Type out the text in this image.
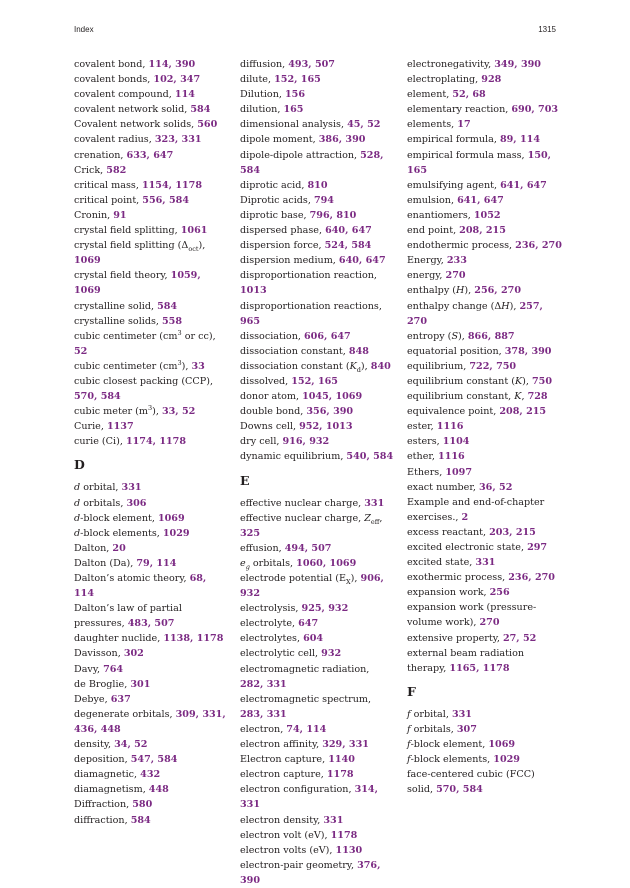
Index	1315
covalent bond, 114, 390
covalent bonds, 102, 347
covalent compound, 114
covalent network solid, 584
Covalent network solids, 560
covalent radius, 323, 331
crenation, 633, 647
Crick, 582
critical mass, 1154, 1178
critical point, 556, 584
Cronin, 91
crystal field splitting, 1061
crystal field splitting $(\Delta_{oct})$, 1069
crystal field theory, 1059, 1069
crystalline solid, 584
crystalline solids, 558
cubic centimeter ($cm^3$ or cc), 52
cubic centimeter $(cm^3)$, 33
cubic closest packing (CCP), 570, 584
cubic meter $(m^3)$, 33, 52
Curie, 1137
curie (Ci), 1174, 1178
D
d orbital, 331
d orbitals, 306
d-block element, 1069
d-block elements, 1029
Dalton, 20
Dalton (Da), 79, 114
Dalton’s atomic theory, 68, 114
Dalton’s law of partial pressures, 483, 507
daughter nuclide, 1138, 1178
Davisson, 302
Davy, 764
de Broglie, 301
Debye, 637
degenerate orbitals, 309, 331, 436, 448
density, 34, 52
deposition, 547, 584
diamagnetic, 432
diamagnetism, 448
Diffraction, 580
diffraction, 584
diffusion, 493, 507
dilute, 152, 165
Dilution, 156
dilution, 165
dimensional analysis, 45, 52
dipole moment, 386, 390
dipole-dipole attraction, 528, 584
diprotic acid, 810
Diprotic acids, 794
diprotic base, 796, 810
dispersed phase, 640, 647
dispersion force, 524, 584
dispersion medium, 640, 647
disproportionation reaction, 1013
disproportionation reactions, 965
dissociation, 606, 647
dissociation constant, 848
dissociation constant $(K_d)$, 840
dissolved, 152, 165
donor atom, 1045, 1069
double bond, 356, 390
Downs cell, 952, 1013
dry cell, 916, 932
dynamic equilibrium, 540, 584
E
effective nuclear charge, 331
effective nuclear charge, $Z_{eff}$, 325
effusion, 494, 507
$e_g$ orbitals, 1060, 1069
electrode potential $(E_X)$, 906, 932
electrolysis, 925, 932
electrolyte, 647
electrolytes, 604
electrolytic cell, 932
electromagnetic radiation, 282, 331
electromagnetic spectrum, 283, 331
electron, 74, 114
electron affinity, 329, 331
Electron capture, 1140
electron capture, 1178
electron configuration, 314, 331
electron density, 331
electron volt (eV), 1178
electron volts (eV), 1130
electron-pair geometry, 376, 390
electronegativity, 349, 390
electroplating, 928
element, 52, 68
elementary reaction, 690, 703
elements, 17
empirical formula, 89, 114
empirical formula mass, 150, 165
emulsifying agent, 641, 647
emulsion, 641, 647
enantiomers, 1052
end point, 208, 215
endothermic process, 236, 270
Energy, 233
energy, 270
enthalpy (H), 256, 270
enthalpy change (ΔH), 257, 270
entropy (S), 866, 887
equatorial position, 378, 390
equilibrium, 722, 750
equilibrium constant (K), 750
equilibrium constant, K, 728
equivalence point, 208, 215
ester, 1116
esters, 1104
ether, 1116
Ethers, 1097
exact number, 36, 52
Example and end-of-chapter exercises., 2
excess reactant, 203, 215
excited electronic state, 297
excited state, 331
exothermic process, 236, 270
expansion work, 256
expansion work (pressure-volume work), 270
extensive property, 27, 52
external beam radiation therapy, 1165, 1178
F
f orbital, 331
f orbitals, 307
f-block element, 1069
f-block elements, 1029
face-centered cubic (FCC) solid, 570, 584
